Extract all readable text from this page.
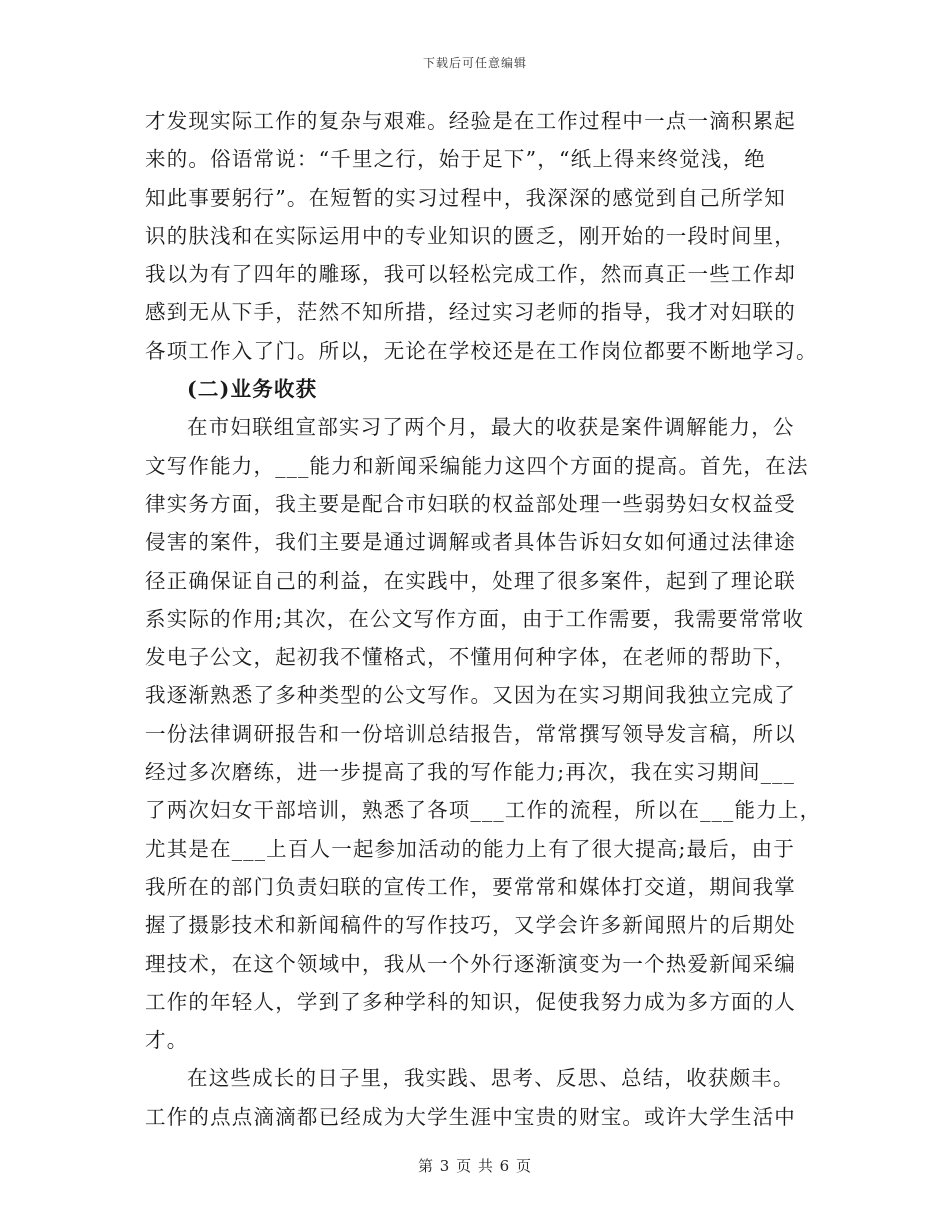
下载后可任意编辑
才发现实际工作的复杂与艰难。经验是在工作过程中一点一滴积累起
来的。俗语常说：“千里之行，始于足下”，“纸上得来终觉浅，绝
知此事要躬行”。在短暂的实习过程中，我深深的感觉到自己所学知
识的肤浅和在实际运用中的专业知识的匮乏，刚开始的一段时间里，
我以为有了四年的雕琢，我可以轻松完成工作，然而真正一些工作却
感到无从下手，茫然不知所措，经过实习老师的指导，我才对妇联的
各项工作入了门。所以，无论在学校还是在工作岗位都要不断地学习。
(二)业务收获
在市妇联组宣部实习了两个月，最大的收获是案件调解能力，公
文写作能力，___能力和新闻采编能力这四个方面的提高。首先，在法
律实务方面，我主要是配合市妇联的权益部处理一些弱势妇女权益受
侵害的案件，我们主要是通过调解或者具体告诉妇女如何通过法律途
径正确保证自己的利益，在实践中，处理了很多案件，起到了理论联
系实际的作用;其次，在公文写作方面，由于工作需要，我需要常常收
发电子公文，起初我不懂格式，不懂用何种字体，在老师的帮助下，
我逐渐熟悉了多种类型的公文写作。又因为在实习期间我独立完成了
一份法律调研报告和一份培训总结报告，常常撰写领导发言稿，所以
经过多次磨练，进一步提高了我的写作能力;再次，我在实习期间___
了两次妇女干部培训，熟悉了各项___工作的流程，所以在___能力上，
尤其是在___上百人一起参加活动的能力上有了很大提高;最后，由于
我所在的部门负责妇联的宣传工作，要常常和媒体打交道，期间我掌
握了摄影技术和新闻稿件的写作技巧，又学会许多新闻照片的后期处
理技术，在这个领域中，我从一个外行逐渐演变为一个热爱新闻采编
工作的年轻人，学到了多种学科的知识，促使我努力成为多方面的人
才。
在这些成长的日子里，我实践、思考、反思、总结，收获颇丰。
工作的点点滴滴都已经成为大学生涯中宝贵的财宝。或许大学生活中
第 3 页 共 6 页
